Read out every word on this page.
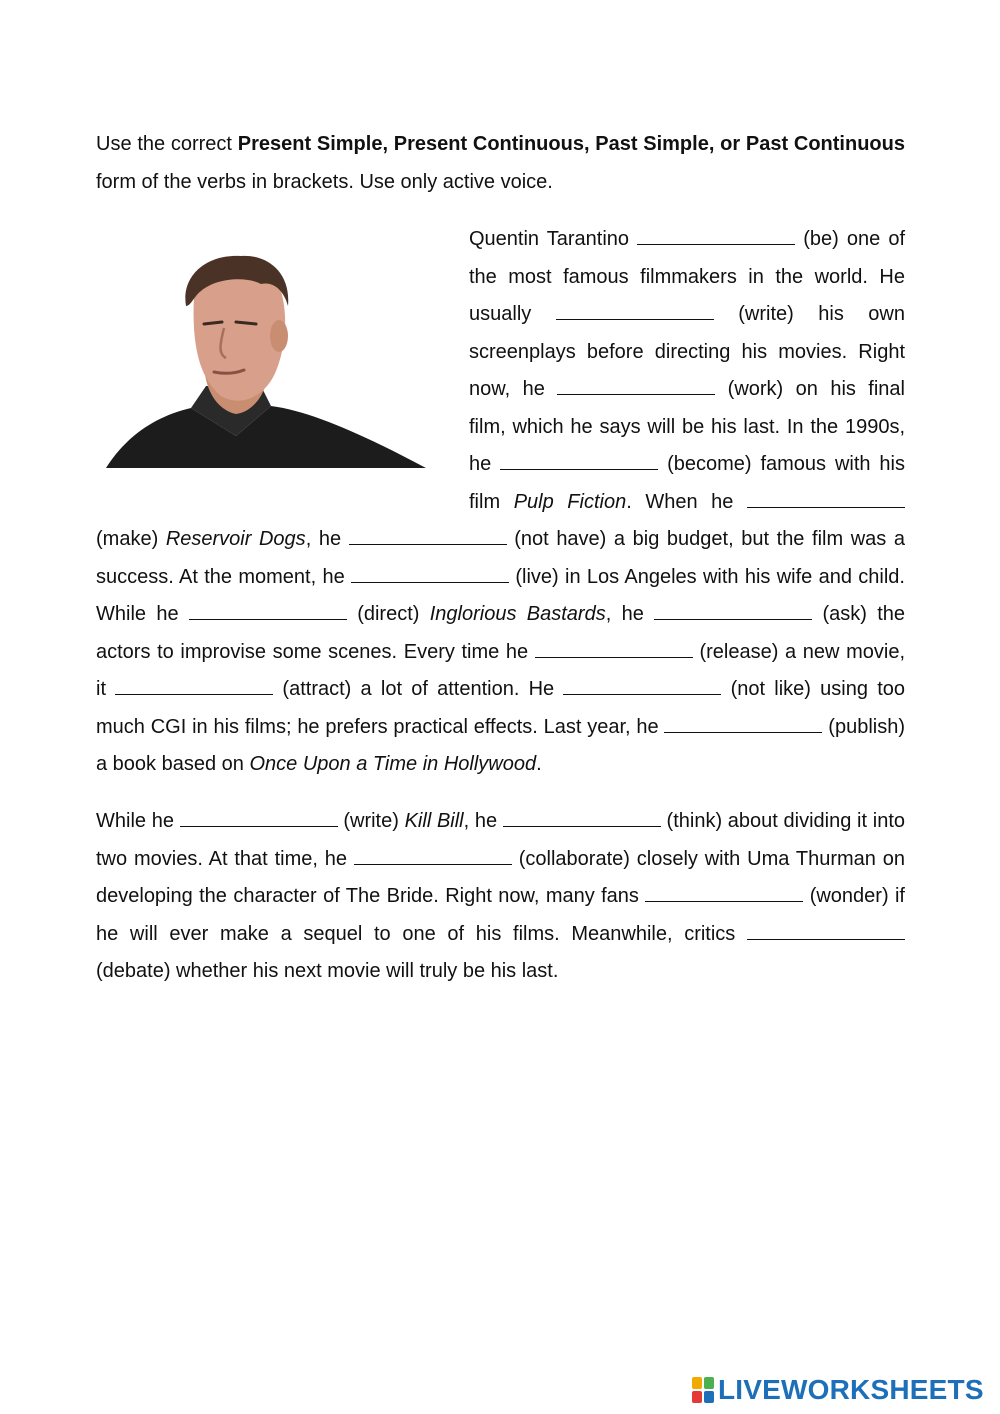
Use the correct Present Simple, Present Continuous, Past Simple, or Past Continuous form of the verbs in brackets. Use only active voice.

Quentin Tarantino	(be) one of the most famous filmmakers in the world. He usually	(write) his own screenplays before directing his movies. Right now, he	(work) on his final film, which he says will be his last. In the 1990s, he	(become) famous with his film Pulp Fiction. When he  (make) Reservoir Dogs, he	(not have) a big budget, but the film was a success. At the moment, he	(live) in Los Angeles with his wife and child. While he	(direct) Inglorious Bastards, he	(ask) the actors to improvise some scenes. Every time he	(release) a new movie, it	(attract) a lot of attention. He	(not like) using too much CGI in his films; he prefers practical effects. Last year, he	(publish) a book based on Once Upon a Time in Hollywood.

While he	(write) Kill Bill, he	(think) about dividing it into two movies. At that time, he	(collaborate) closely with Uma Thurman on developing the character of The Bride. Right now, many fans	(wonder) if he will ever make a sequel to one of his films. Meanwhile, critics  (debate) whether his next movie will truly be his last.

LIVEWORKSHEETS
